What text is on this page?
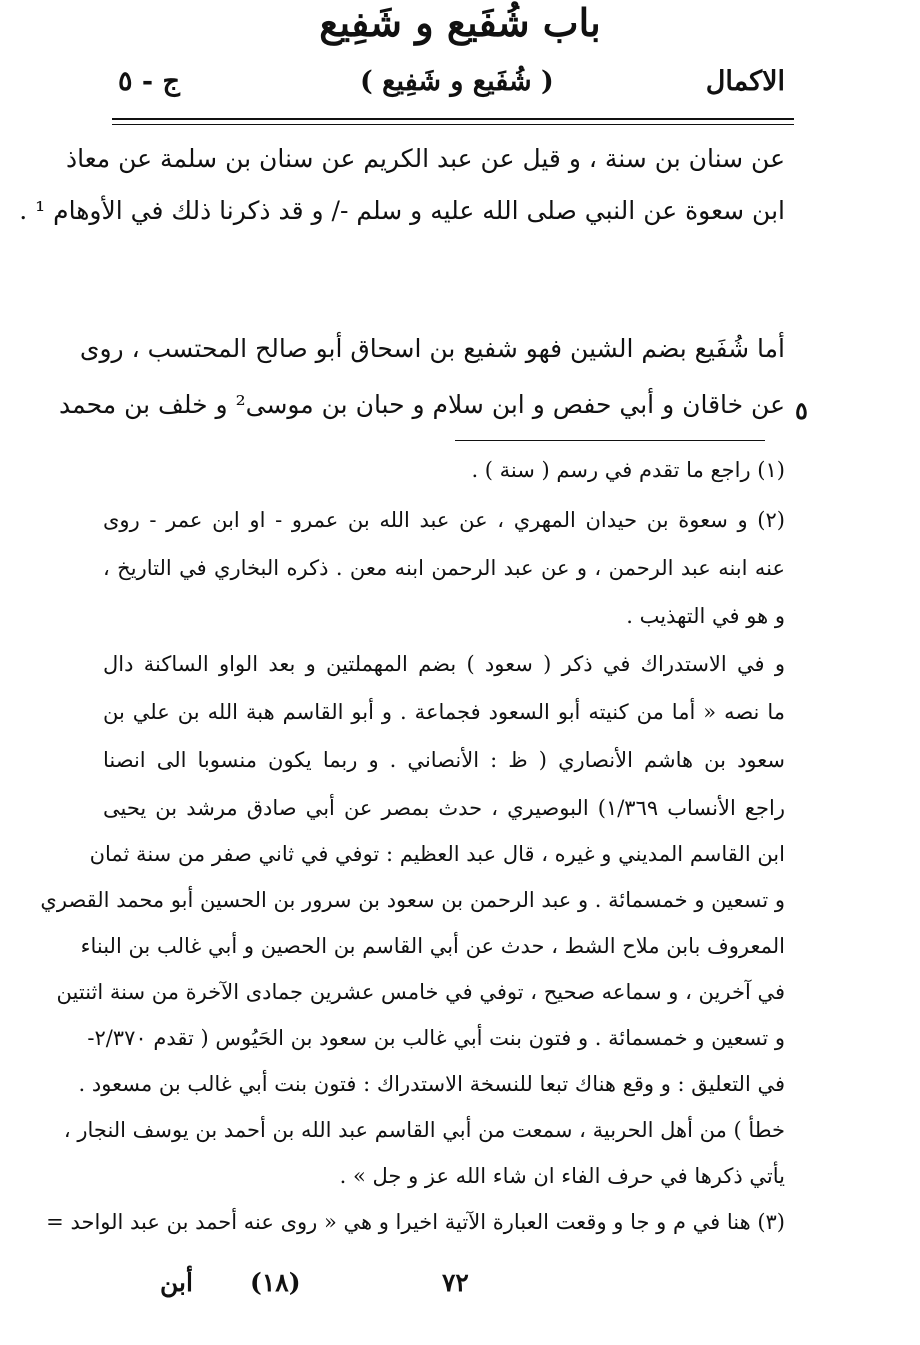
الاكمال
( شُفَيع و شَفِيع )
ج - ٥
عن سنان بن سنة ، و قيل عن عبد الكريم عن سنان بن سلمة عن معاذ
ابن سعوة عن النبي صلى الله عليه و سلم -/ و قد ذكرنا ذلك في الأوهام ¹ .
باب شُفَيع و شَفِيع
أما شُفَيع بضم الشين فهو شفيع بن اسحاق أبو صالح المحتسب ، روى
عن خاقان و أبي حفص و ابن سلام و حبان بن موسى² و خلف بن محمد ٥
(١) راجع ما تقدم في رسم ( سنة ) .
(٢) و سعوة بن حيدان المهري ، عن عبد الله بن عمرو - او ابن عمر - روى
عنه ابنه عبد الرحمن ، و عن عبد الرحمن ابنه معن . ذكره البخاري في التاريخ ،
و هو في التهذيب .
و في الاستدراك في ذكر ( سعود ) بضم المهملتين و بعد الواو الساكنة دال
ما نصه « أما من كنيته أبو السعود فجماعة . و أبو القاسم هبة الله بن علي بن
سعود بن هاشم الأنصاري ( ظ : الأنصاني . و ربما يكون منسوبا الى انصنا
راجع الأنساب ١/٣٦٩) البوصيري ، حدث بمصر عن أبي صادق مرشد بن يحيى
ابن القاسم المديني و غيره ، قال عبد العظيم : توفي في ثاني صفر من سنة ثمان
و تسعين و خمسمائة . و عبد الرحمن بن سعود بن سرور بن الحسين أبو محمد القصري
المعروف بابن ملاح الشط ، حدث عن أبي القاسم بن الحصين و أبي غالب بن البناء
في آخرين ، و سماعه صحيح ، توفي في خامس عشرين جمادى الآخرة من سنة اثنتين
و تسعين و خمسمائة . و فتون بنت أبي غالب بن سعود بن الحَيُوس ( تقدم ٢/٣٧٠-
في التعليق : و وقع هناك تبعا للنسخة الاستدراك : فتون بنت أبي غالب بن مسعود .
خطأ ) من أهل الحربية ، سمعت من أبي القاسم عبد الله بن أحمد بن يوسف النجار ،
يأتي ذكرها في حرف الفاء ان شاء الله عز و جل » .
(٣) هنا في م و جا و وقعت العبارة الآتية اخيرا و هي « روى عنه أحمد بن عبد الواحد =
أبن (١٨)	٧٢
